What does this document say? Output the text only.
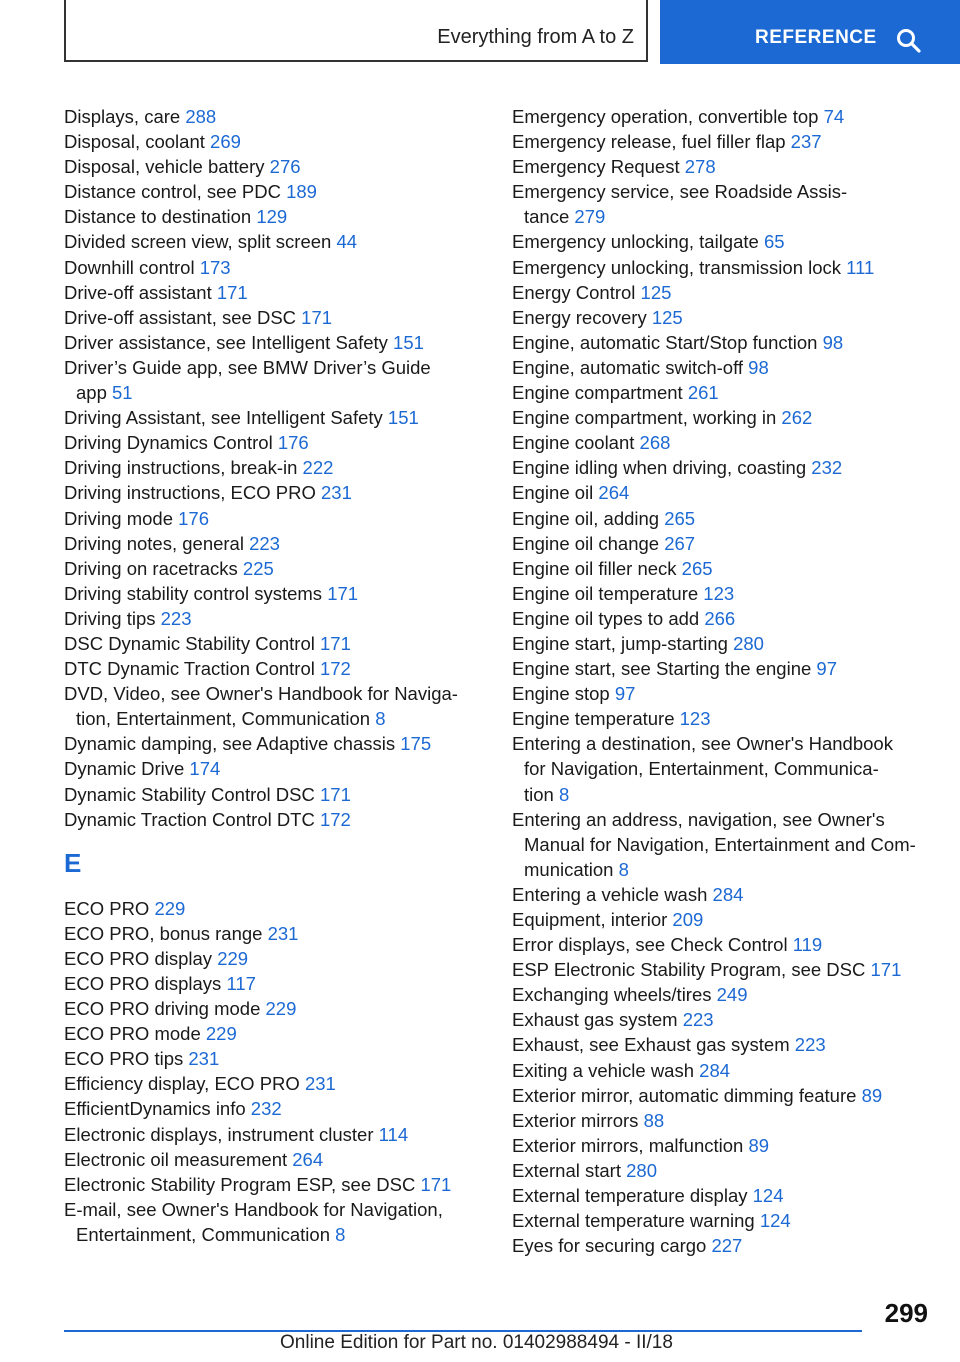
Everything from A to Z	REFERENCE
Displays, care 288
Disposal, coolant 269
Disposal, vehicle battery 276
Distance control, see PDC 189
Distance to destination 129
Divided screen view, split screen 44
Downhill control 173
Drive-off assistant 171
Drive-off assistant, see DSC 171
Driver assistance, see Intelligent Safety 151
Driver’s Guide app, see BMW Driver’s Guide
app 51
Driving Assistant, see Intelligent Safety 151
Driving Dynamics Control 176
Driving instructions, break-in 222
Driving instructions, ECO PRO 231
Driving mode 176
Driving notes, general 223
Driving on racetracks 225
Driving stability control systems 171
Driving tips 223
DSC Dynamic Stability Control 171
DTC Dynamic Traction Control 172
DVD, Video, see Owner's Handbook for Naviga‐
tion, Entertainment, Communication 8
Dynamic damping, see Adaptive chassis 175
Dynamic Drive 174
Dynamic Stability Control DSC 171
Dynamic Traction Control DTC 172
E
ECO PRO 229
ECO PRO, bonus range 231
ECO PRO display 229
ECO PRO displays 117
ECO PRO driving mode 229
ECO PRO mode 229
ECO PRO tips 231
Efficiency display, ECO PRO 231
EfficientDynamics info 232
Electronic displays, instrument cluster 114
Electronic oil measurement 264
Electronic Stability Program ESP, see DSC 171
E-mail, see Owner's Handbook for Navigation,
Entertainment, Communication 8
Emergency operation, convertible top 74
Emergency release, fuel filler flap 237
Emergency Request 278
Emergency service, see Roadside Assis‐
tance 279
Emergency unlocking, tailgate 65
Emergency unlocking, transmission lock 111
Energy Control 125
Energy recovery 125
Engine, automatic Start/Stop function 98
Engine, automatic switch-off 98
Engine compartment 261
Engine compartment, working in 262
Engine coolant 268
Engine idling when driving, coasting 232
Engine oil 264
Engine oil, adding 265
Engine oil change 267
Engine oil filler neck 265
Engine oil temperature 123
Engine oil types to add 266
Engine start, jump-starting 280
Engine start, see Starting the engine 97
Engine stop 97
Engine temperature 123
Entering a destination, see Owner's Handbook
for Navigation, Entertainment, Communica‐
tion 8
Entering an address, navigation, see Owner's
Manual for Navigation, Entertainment and Com‐
munication 8
Entering a vehicle wash 284
Equipment, interior 209
Error displays, see Check Control 119
ESP Electronic Stability Program, see DSC 171
Exchanging wheels/tires 249
Exhaust gas system 223
Exhaust, see Exhaust gas system 223
Exiting a vehicle wash 284
Exterior mirror, automatic dimming feature 89
Exterior mirrors 88
Exterior mirrors, malfunction 89
External start 280
External temperature display 124
External temperature warning 124
Eyes for securing cargo 227
299
Online Edition for Part no. 01402988494 - II/18
